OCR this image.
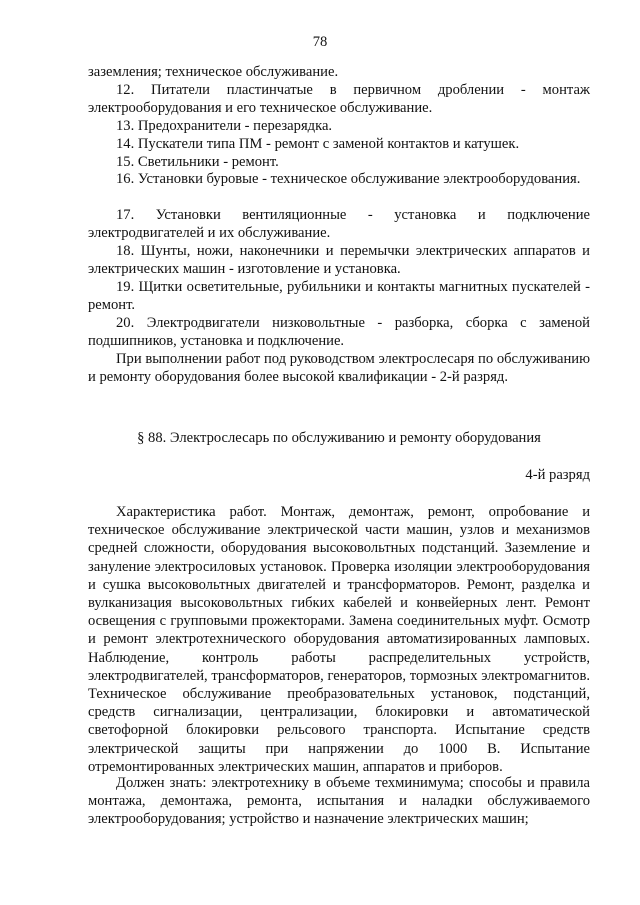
78

заземления; техническое обслуживание.

12. Питатели пластинчатые в первичном дроблении - монтаж электрооборудования и его техническое обслуживание.

13. Предохранители - перезарядка.

14. Пускатели типа ПМ - ремонт с заменой контактов и катушек.

15. Светильники - ремонт.

16. Установки буровые - техническое обслуживание электрооборудования.

17. Установки вентиляционные - установка и подключение электродвигателей и их обслуживание.

18. Шунты, ножи, наконечники и перемычки электрических аппаратов и электрических машин - изготовление и установка.

19. Щитки осветительные, рубильники и контакты магнитных пускателей - ремонт.

20. Электродвигатели низковольтные - разборка, сборка с заменой подшипников, установка и подключение.

При выполнении работ под руководством электрослесаря по обслуживанию и ремонту оборудования более высокой квалификации - 2-й разряд.

§ 88. Электрослесарь по обслуживанию и ремонту оборудования
4-й разряд

Характеристика работ. Монтаж, демонтаж, ремонт, опробование и техническое обслуживание электрической части машин, узлов и механизмов средней сложности, оборудования высоковольтных подстанций. Заземление и зануление электросиловых установок. Проверка изоляции электрооборудования и сушка высоковольтных двигателей и трансформаторов. Ремонт, разделка и вулканизация высоковольтных гибких кабелей и конвейерных лент. Ремонт освещения с групповыми прожекторами. Замена соединительных муфт. Осмотр и ремонт электротехнического оборудования автоматизированных ламповых. Наблюдение, контроль работы распределительных устройств, электродвигателей, трансформаторов, генераторов, тормозных электромагнитов. Техническое обслуживание преобразовательных установок, подстанций, средств сигнализации, централизации, блокировки и автоматической светофорной блокировки рельсового транспорта. Испытание средств электрической защиты при напряжении до 1000 В. Испытание отремонтированных электрических машин, аппаратов и приборов.

Должен знать: электротехнику в объеме техминимума; способы и правила монтажа, демонтажа, ремонта, испытания и наладки обслуживаемого электрооборудования; устройство и назначение электрических машин;
